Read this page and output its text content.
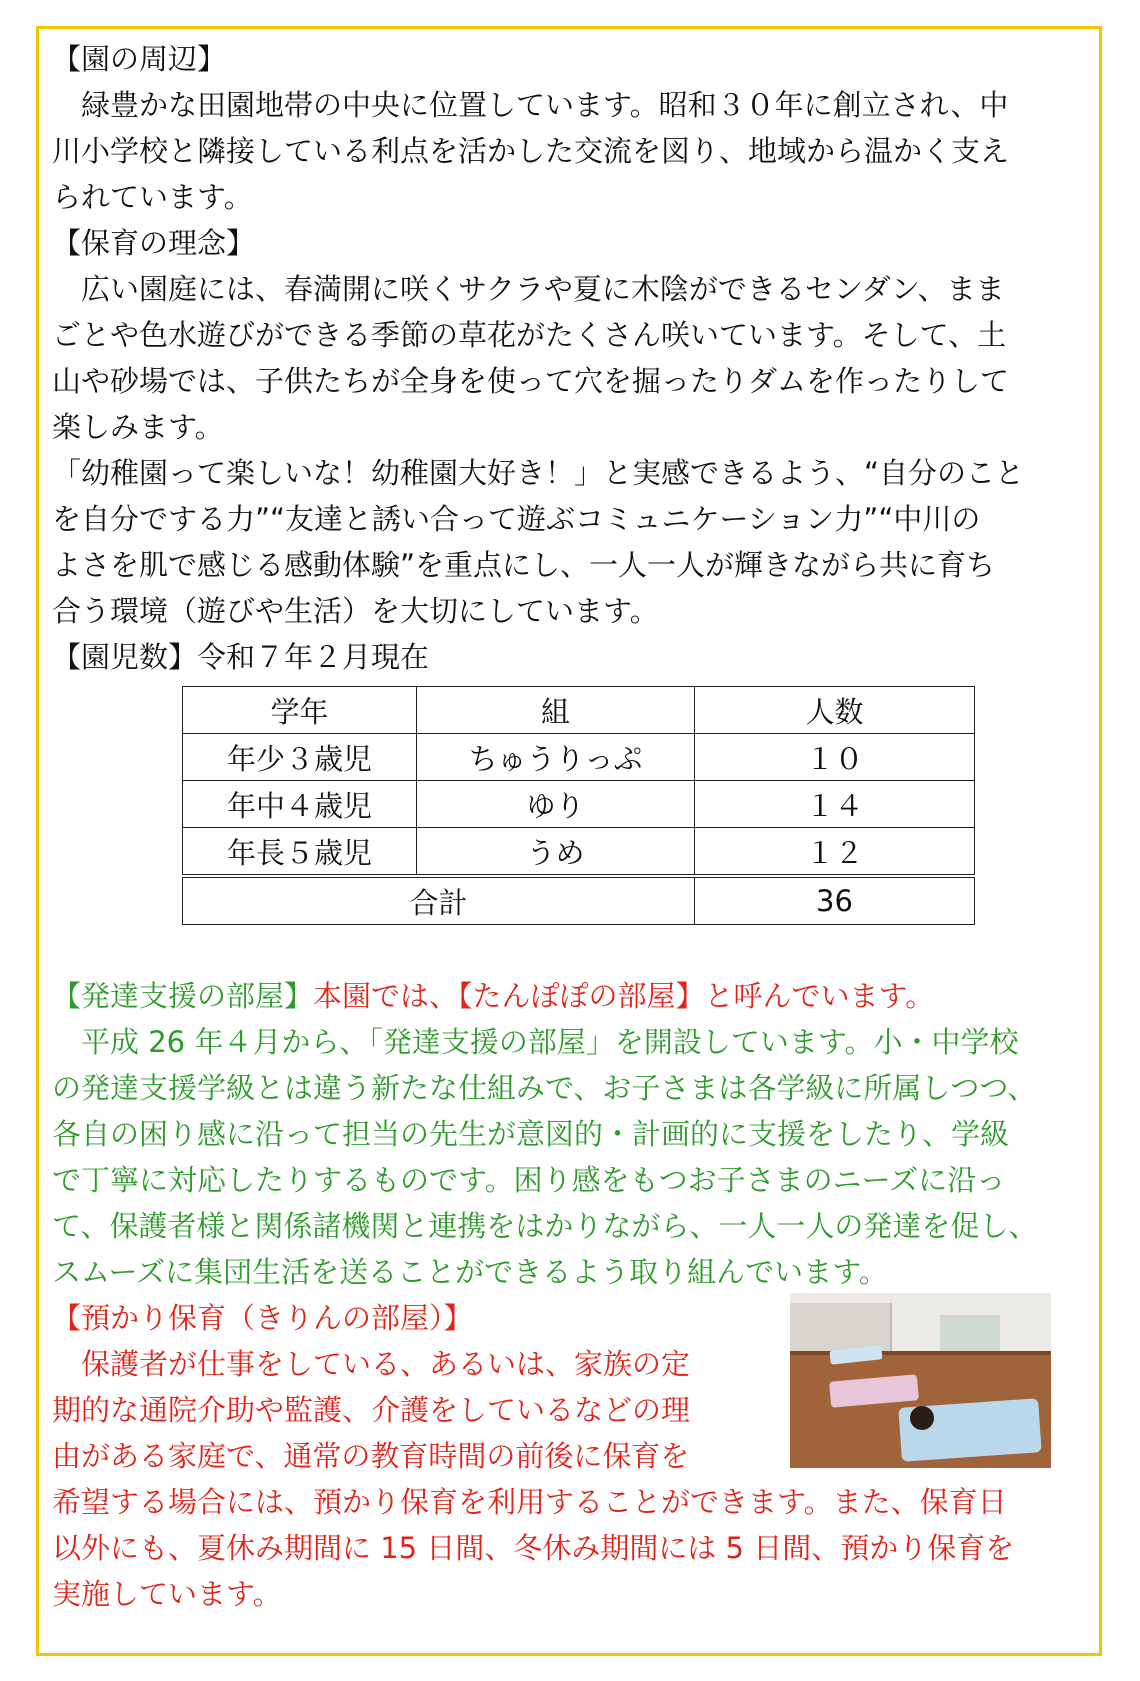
【園の周辺】

緑豊かな田園地帯の中央に位置しています。昭和３０年に創立され、中

川小学校と隣接している利点を活かした交流を図り、地域から温かく支え

られています。

【保育の理念】

広い園庭には、春満開に咲くサクラや夏に木陰ができるセンダン、まま

ごとや色水遊びができる季節の草花がたくさん咲いています。そして、土

山や砂場では、子供たちが全身を使って穴を掘ったりダムを作ったりして

楽しみます。

「幼稚園って楽しいな！幼稚園大好き！」と実感できるよう、“自分のこと

を自分でする力”“友達と誘い合って遊ぶコミュニケーション力”“中川の

よさを肌で感じる感動体験”を重点にし、一人一人が輝きながら共に育ち

合う環境（遊びや生活）を大切にしています。

【園児数】令和７年２月現在

学年	組	人数
年少３歳児	ちゅうりっぷ	１０
年中４歳児	ゆり	１４
年長５歳児	うめ	１２
合計		36

【発達支援の部屋】本園では、【たんぽぽの部屋】と呼んでいます。

平成 26 年４月から、「発達支援の部屋」を開設しています。小・中学校

の発達支援学級とは違う新たな仕組みで、お子さまは各学級に所属しつつ、

各自の困り感に沿って担当の先生が意図的・計画的に支援をしたり、学級

で丁寧に対応したりするものです。困り感をもつお子さまのニーズに沿っ

て、保護者様と関係諸機関と連携をはかりながら、一人一人の発達を促し、

スムーズに集団生活を送ることができるよう取り組んでいます。

【預かり保育（きりんの部屋）】

保護者が仕事をしている、あるいは、家族の定

期的な通院介助や監護、介護をしているなどの理

由がある家庭で、通常の教育時間の前後に保育を

希望する場合には、預かり保育を利用することができます。また、保育日

以外にも、夏休み期間に 15 日間、冬休み期間には 5 日間、預かり保育を

実施しています。
